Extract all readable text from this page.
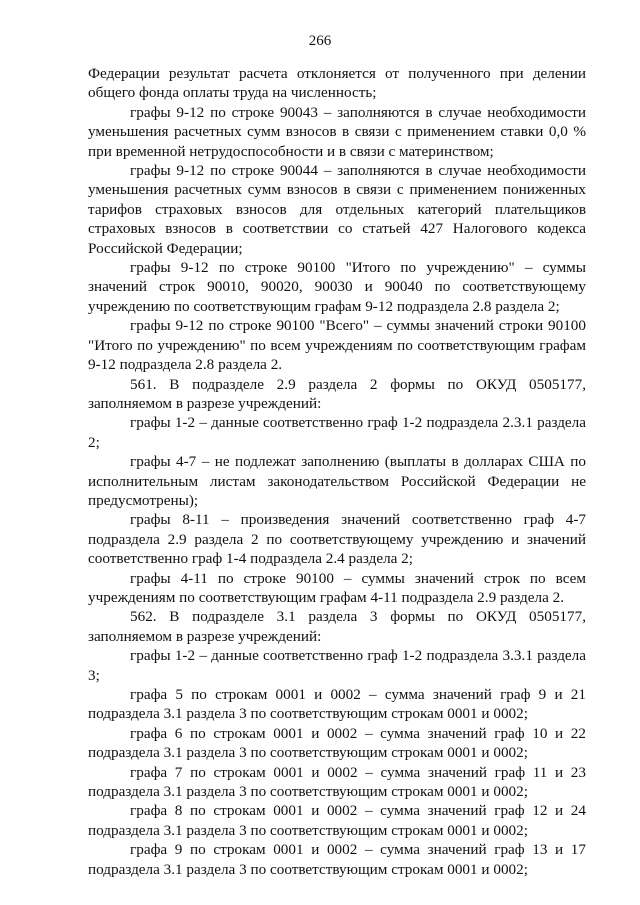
266

Федерации результат расчета отклоняется от полученного при делении общего фонда оплаты труда на численность;

графы 9-12 по строке 90043 – заполняются в случае необходимости уменьшения расчетных сумм взносов в связи с применением ставки 0,0 % при временной нетрудоспособности и в связи с материнством;

графы 9-12 по строке 90044 – заполняются в случае необходимости уменьшения расчетных сумм взносов в связи с применением пониженных тарифов страховых взносов для отдельных категорий плательщиков страховых взносов в соответствии со статьей 427 Налогового кодекса Российской Федерации;

графы 9-12 по строке 90100 "Итого по учреждению" – суммы значений строк 90010, 90020, 90030 и 90040 по соответствующему учреждению по соответствующим графам 9-12 подраздела 2.8 раздела 2;

графы 9-12 по строке 90100 "Всего" – суммы значений строки 90100 "Итого по учреждению" по всем учреждениям по соответствующим графам 9-12 подраздела 2.8 раздела 2.

561. В подразделе 2.9 раздела 2 формы по ОКУД 0505177, заполняемом в разрезе учреждений:

графы 1-2 – данные соответственно граф 1-2 подраздела 2.3.1 раздела 2;

графы 4-7 – не подлежат заполнению (выплаты в долларах США по исполнительным листам законодательством Российской Федерации не предусмотрены);

графы 8-11 – произведения значений соответственно граф 4-7 подраздела 2.9 раздела 2 по соответствующему учреждению и значений соответственно граф 1-4 подраздела 2.4 раздела 2;

графы 4-11 по строке 90100 – суммы значений строк по всем учреждениям по соответствующим графам 4-11 подраздела 2.9 раздела 2.

562. В подразделе 3.1 раздела 3 формы по ОКУД 0505177, заполняемом в разрезе учреждений:

графы 1-2 – данные соответственно граф 1-2 подраздела 3.3.1 раздела 3;

графа 5 по строкам 0001 и 0002 – сумма значений граф 9 и 21 подраздела 3.1 раздела 3 по соответствующим строкам 0001 и 0002;

графа 6 по строкам 0001 и 0002 – сумма значений граф 10 и 22 подраздела 3.1 раздела 3 по соответствующим строкам 0001 и 0002;

графа 7 по строкам 0001 и 0002 – сумма значений граф 11 и 23 подраздела 3.1 раздела 3 по соответствующим строкам 0001 и 0002;

графа 8 по строкам 0001 и 0002 – сумма значений граф 12 и 24 подраздела 3.1 раздела 3 по соответствующим строкам 0001 и 0002;

графа 9 по строкам 0001 и 0002 – сумма значений граф 13 и 17 подраздела 3.1 раздела 3 по соответствующим строкам 0001 и 0002;
